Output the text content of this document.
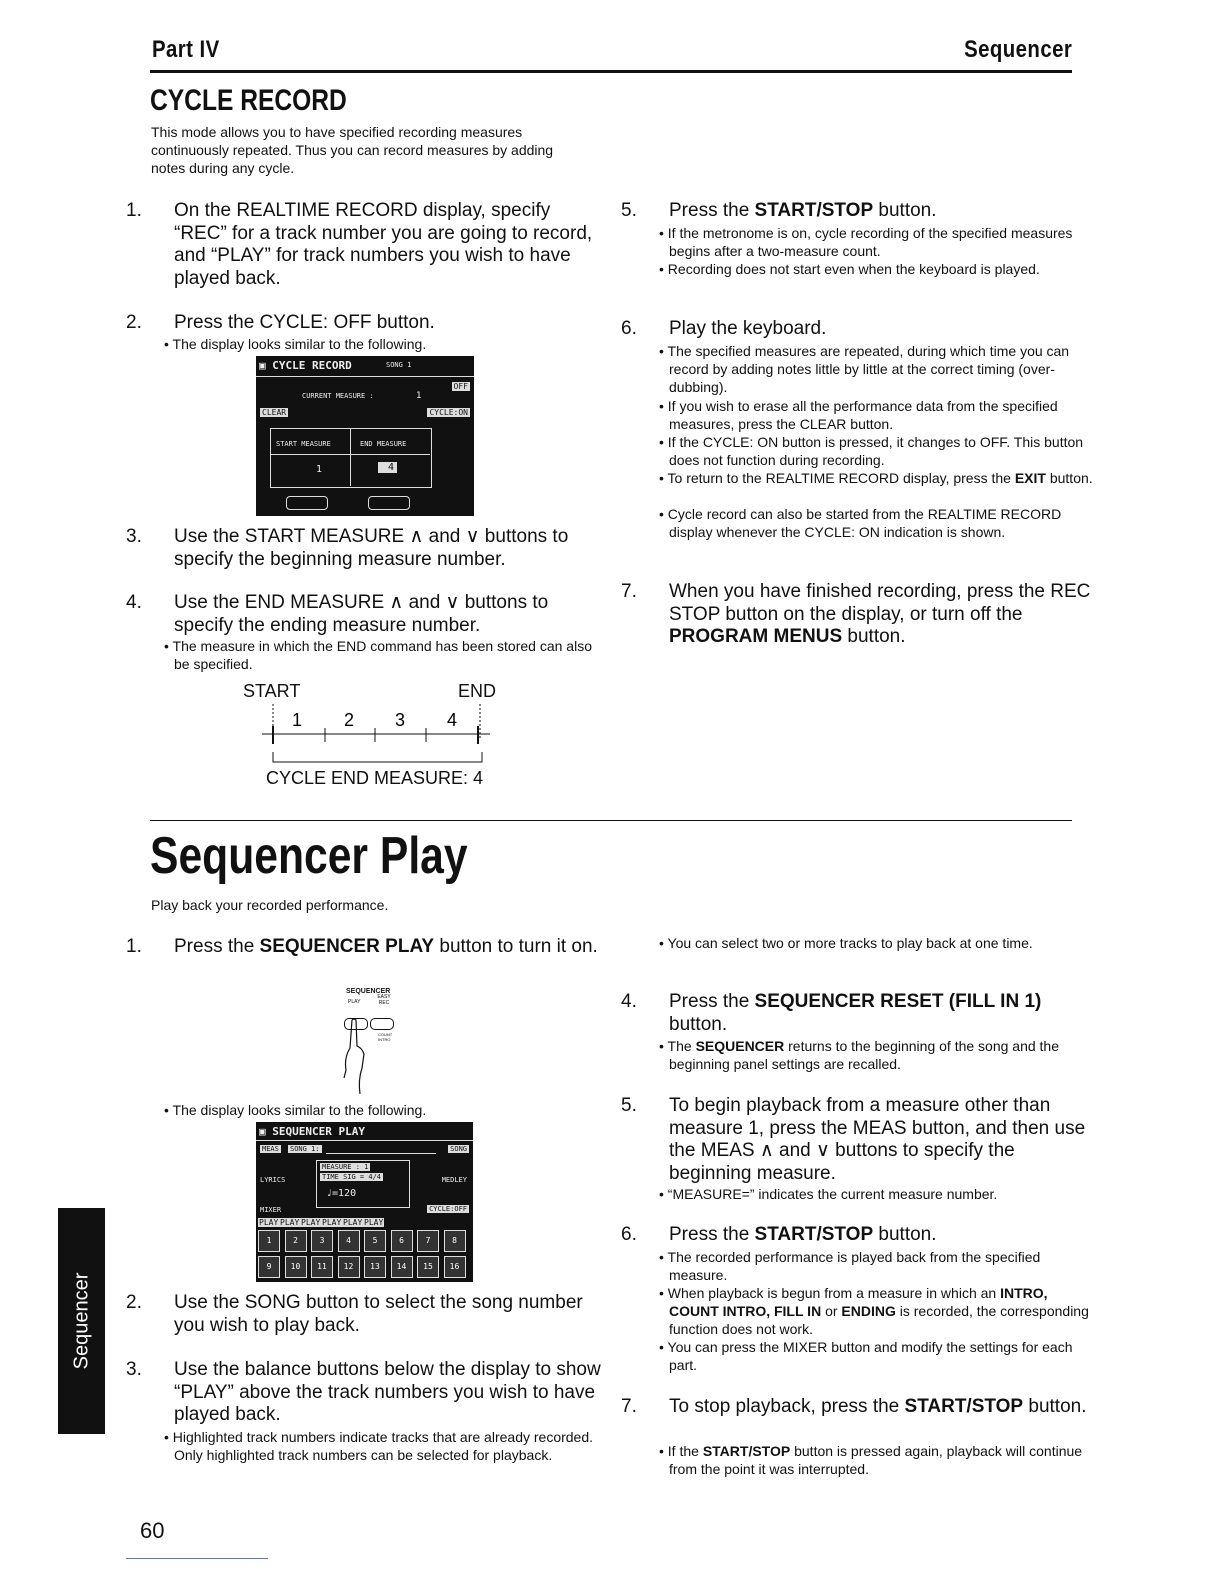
Part IV	Sequencer
CYCLE RECORD
This mode allows you to have specified recording measures continuously repeated. Thus you can record measures by adding notes during any cycle.
1. On the REALTIME RECORD display, specify “REC” for a track number you are going to record, and “PLAY” for track numbers you wish to have played back.
2. Press the CYCLE: OFF button.
• The display looks similar to the following.
▣ CYCLE RECORD	SONG 1
OFF
CURRENT MEASURE :	1
CLEAR	CYCLE:ON
START MEASURE	END MEASURE
1	4
3. Use the START MEASURE ∧ and ∨ buttons to specify the beginning measure number.
4. Use the END MEASURE ∧ and ∨ buttons to specify the ending measure number.
• The measure in which the END command has been stored can also be specified.
START	END
1 2 3 4
CYCLE END MEASURE: 4
5. Press the START/STOP button.
• If the metronome is on, cycle recording of the specified measures begins after a two-measure count.
• Recording does not start even when the keyboard is played.
6. Play the keyboard.
• The specified measures are repeated, during which time you can record by adding notes little by little at the correct timing (over-dubbing).
• If you wish to erase all the performance data from the specified measures, press the CLEAR button.
• If the CYCLE: ON button is pressed, it changes to OFF. This button does not function during recording.
• To return to the REALTIME RECORD display, press the EXIT button.
• Cycle record can also be started from the REALTIME RECORD display whenever the CYCLE: ON indication is shown.
7. When you have finished recording, press the REC STOP button on the display, or turn off the PROGRAM MENUS button.
Sequencer Play
Play back your recorded performance.
1. Press the SEQUENCER PLAY button to turn it on.
SEQUENCER
PLAY
EASY REC
COUNT INTRO
• The display looks similar to the following.
▣ SEQUENCER PLAY
MEAS SONG 1:	SONG
LYRICS
MEASURE : 1
TIME SIG = 4/4
♩=120
MEDLEY
MIXER	CYCLE:OFF
PLAY PLAY PLAY PLAY PLAY PLAY
1	2	3	4	5	6	7	8
9	10	11	12	13	14	15	16
2. Use the SONG button to select the song number you wish to play back.
3. Use the balance buttons below the display to show “PLAY” above the track numbers you wish to have played back.
• Highlighted track numbers indicate tracks that are already recorded. Only highlighted track numbers can be selected for playback.
• You can select two or more tracks to play back at one time.
4. Press the SEQUENCER RESET (FILL IN 1) button.
• The SEQUENCER returns to the beginning of the song and the beginning panel settings are recalled.
5. To begin playback from a measure other than measure 1, press the MEAS button, and then use the MEAS ∧ and ∨ buttons to specify the beginning measure.
• “MEASURE=” indicates the current measure number.
6. Press the START/STOP button.
• The recorded performance is played back from the specified measure.
• When playback is begun from a measure in which an INTRO, COUNT INTRO, FILL IN or ENDING is recorded, the corresponding function does not work.
• You can press the MIXER button and modify the settings for each part.
7. To stop playback, press the START/STOP button.
• If the START/STOP button is pressed again, playback will continue from the point it was interrupted.
Sequencer
60
